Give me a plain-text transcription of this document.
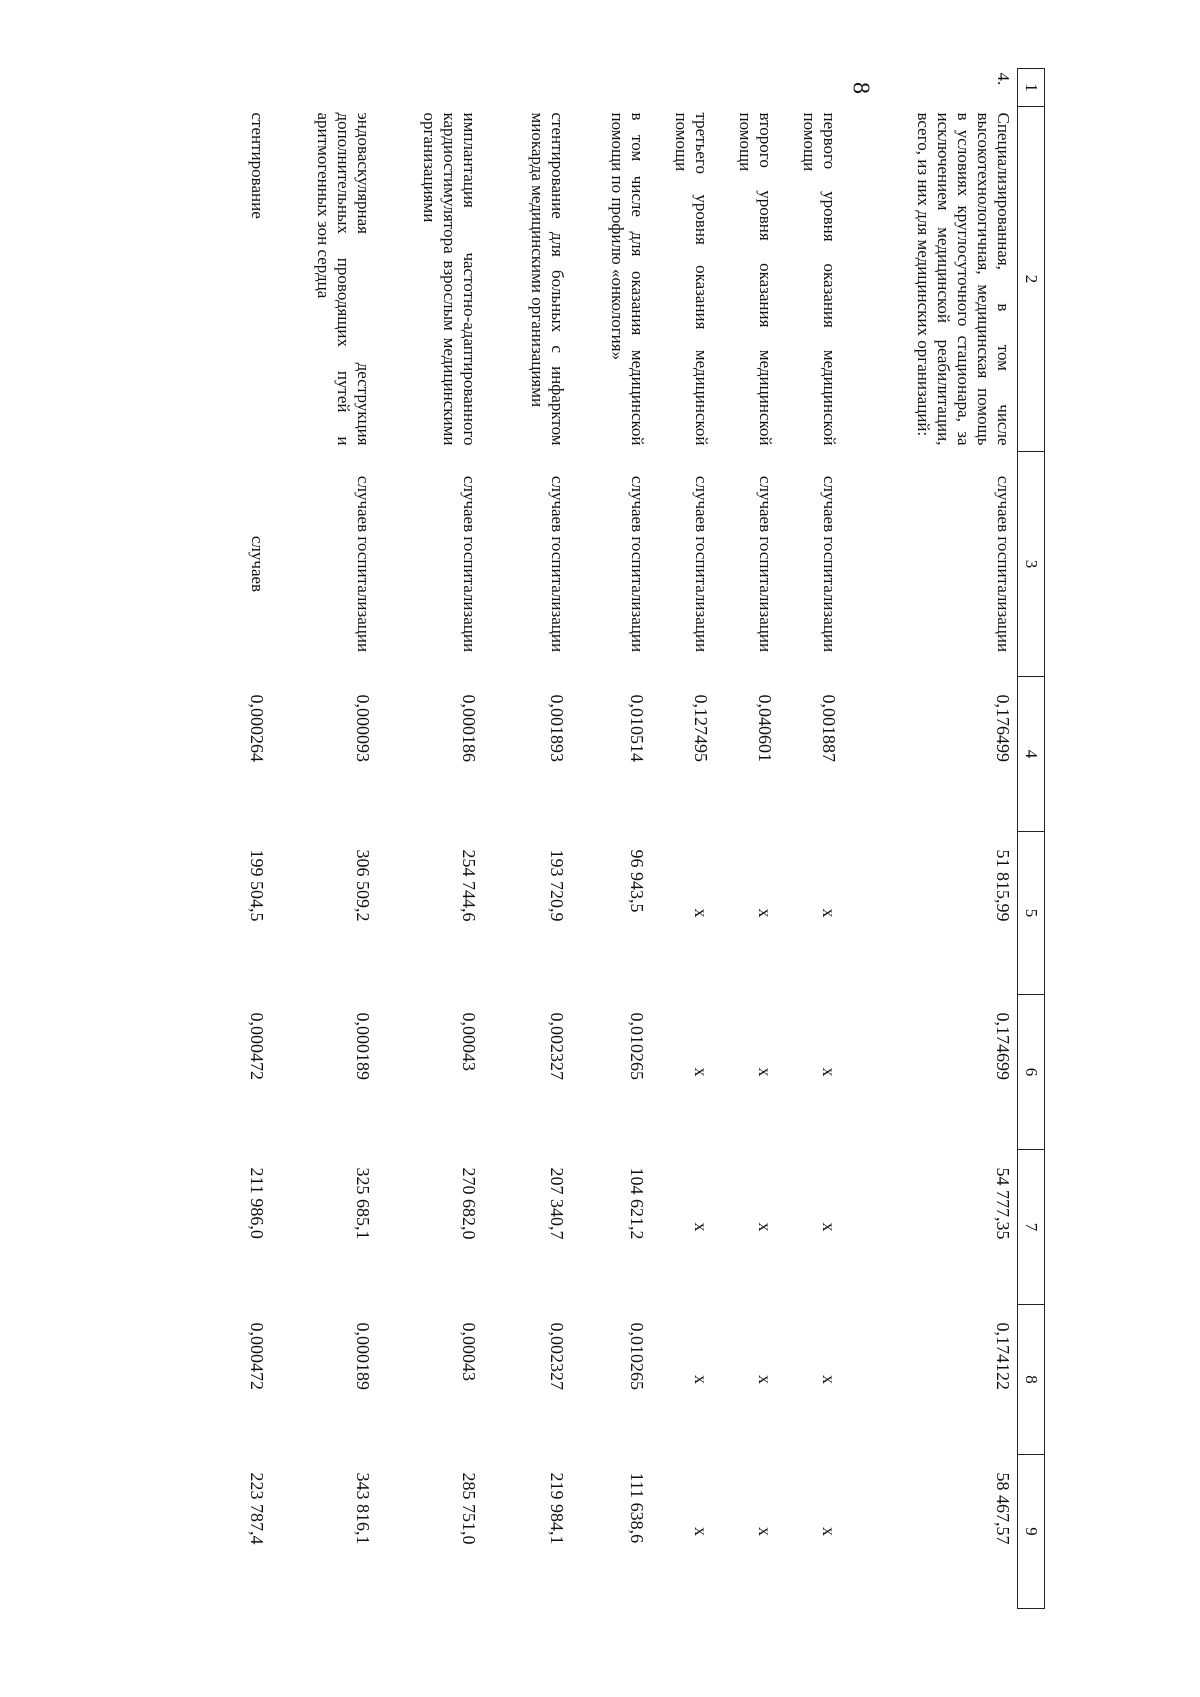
8	1	2	3	4	5	6	7	8	9
4.	Специализированная, в том числе высокотехнологичная, медицинская помощь в условиях круглосуточного стационара, за исключением медицинской реабилитации, всего, из них для медицинских организаций:	случаев госпитализации	0,176499	51 815,99	0,174699	54 777,35	0,174122	58 467,57
	первого уровня оказания медицинской помощи	случаев госпитализации	0,001887	х	х	х	х	х
	второго уровня оказания медицинской помощи	случаев госпитализации	0,040601	х	х	х	х	х
	третьего уровня оказания медицинской помощи	случаев госпитализации	0,127495	х	х	х	х	х
	в том числе для оказания медицинской помощи по профилю «онкология»	случаев госпитализации	0,010514	96 943,5	0,010265	104 621,2	0,010265	111 638,6
	стентирование для больных с инфарктом миокарда медицинскими организациями	случаев госпитализации	0,001893	193 720,9	0,002327	207 340,7	0,002327	219 984,1
	имплантация частотно-адаптированного кардиостимулятора взрослым медицинскими организациями	случаев госпитализации	0,000186	254 744,6	0,00043	270 682,0	0,00043	285 751,0
	эндоваскулярная деструкция дополнительных проводящих путей и аритмогенных зон сердца	случаев госпитализации	0,000093	306 509,2	0,000189	325 685,1	0,000189	343 816,1
	стентирование	случаев	0,000264	199 504,5	0,000472	211 986,0	0,000472	223 787,4
